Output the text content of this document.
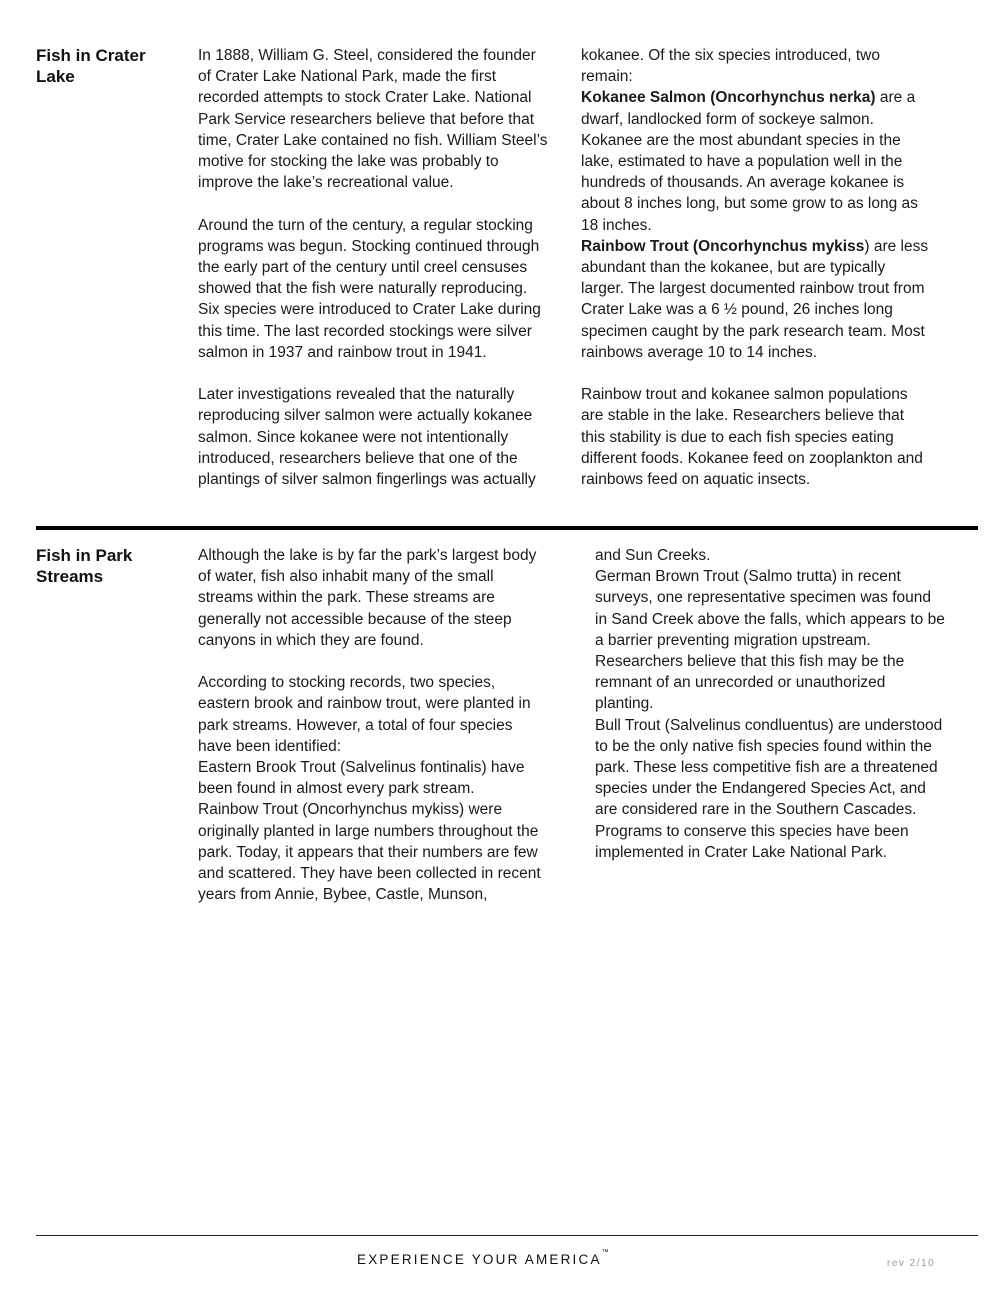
Fish in Crater Lake

In 1888, William G. Steel, considered the founder of Crater Lake National Park, made the first recorded attempts to stock Crater Lake. National Park Service researchers believe that before that time, Crater Lake contained no fish. William Steel’s motive for stocking the lake was probably to improve the lake’s recreational value.

Around the turn of the century, a regular stocking programs was begun. Stocking continued through the early part of the century until creel censuses showed that the fish were naturally reproducing. Six species were introduced to Crater Lake during this time. The last recorded stockings were silver salmon in 1937 and rainbow trout in 1941.

Later investigations revealed that the naturally reproducing silver salmon were actually kokanee salmon. Since kokanee were not intentionally introduced, researchers believe that one of the plantings of silver salmon fingerlings was actually

kokanee. Of the six species introduced, two remain:

Kokanee Salmon (Oncorhynchus nerka) are a dwarf, landlocked form of sockeye salmon. Kokanee are the most abundant species in the lake, estimated to have a population well in the hundreds of thousands. An average kokanee is about 8 inches long, but some grow to as long as 18 inches.

Rainbow Trout (Oncorhynchus mykiss) are less abundant than the kokanee, but are typically larger. The largest documented rainbow trout from Crater Lake was a 6 ½ pound, 26 inches long specimen caught by the park research team. Most rainbows average 10 to 14 inches.

Rainbow trout and kokanee salmon populations are stable in the lake. Researchers believe that this stability is due to each fish species eating different foods. Kokanee feed on zooplankton and rainbows feed on aquatic insects.

Fish in Park Streams

Although the lake is by far the park’s largest body of water, fish also inhabit many of the small streams within the park. These streams are generally not accessible because of the steep canyons in which they are found.

According to stocking records, two species, eastern brook and rainbow trout, were planted in park streams. However, a total of four species have been identified:

Eastern Brook Trout (Salvelinus fontinalis) have been found in almost every park stream.

Rainbow Trout (Oncorhynchus mykiss) were originally planted in large numbers throughout the park. Today, it appears that their numbers are few and scattered. They have been collected in recent years from Annie, Bybee, Castle, Munson,

and Sun Creeks.

German Brown Trout (Salmo trutta) in recent surveys, one representative specimen was found in Sand Creek above the falls, which appears to be a barrier preventing migration upstream. Researchers believe that this fish may be the remnant of an unrecorded or unauthorized planting.

Bull Trout (Salvelinus condluentus) are understood to be the only native fish species found within the park. These less competitive fish are a threatened species under the Endangered Species Act, and are considered rare in the Southern Cascades. Programs to conserve this species have been implemented in Crater Lake National Park.

EXPERIENCE YOUR AMERICA™
rev 2/10
